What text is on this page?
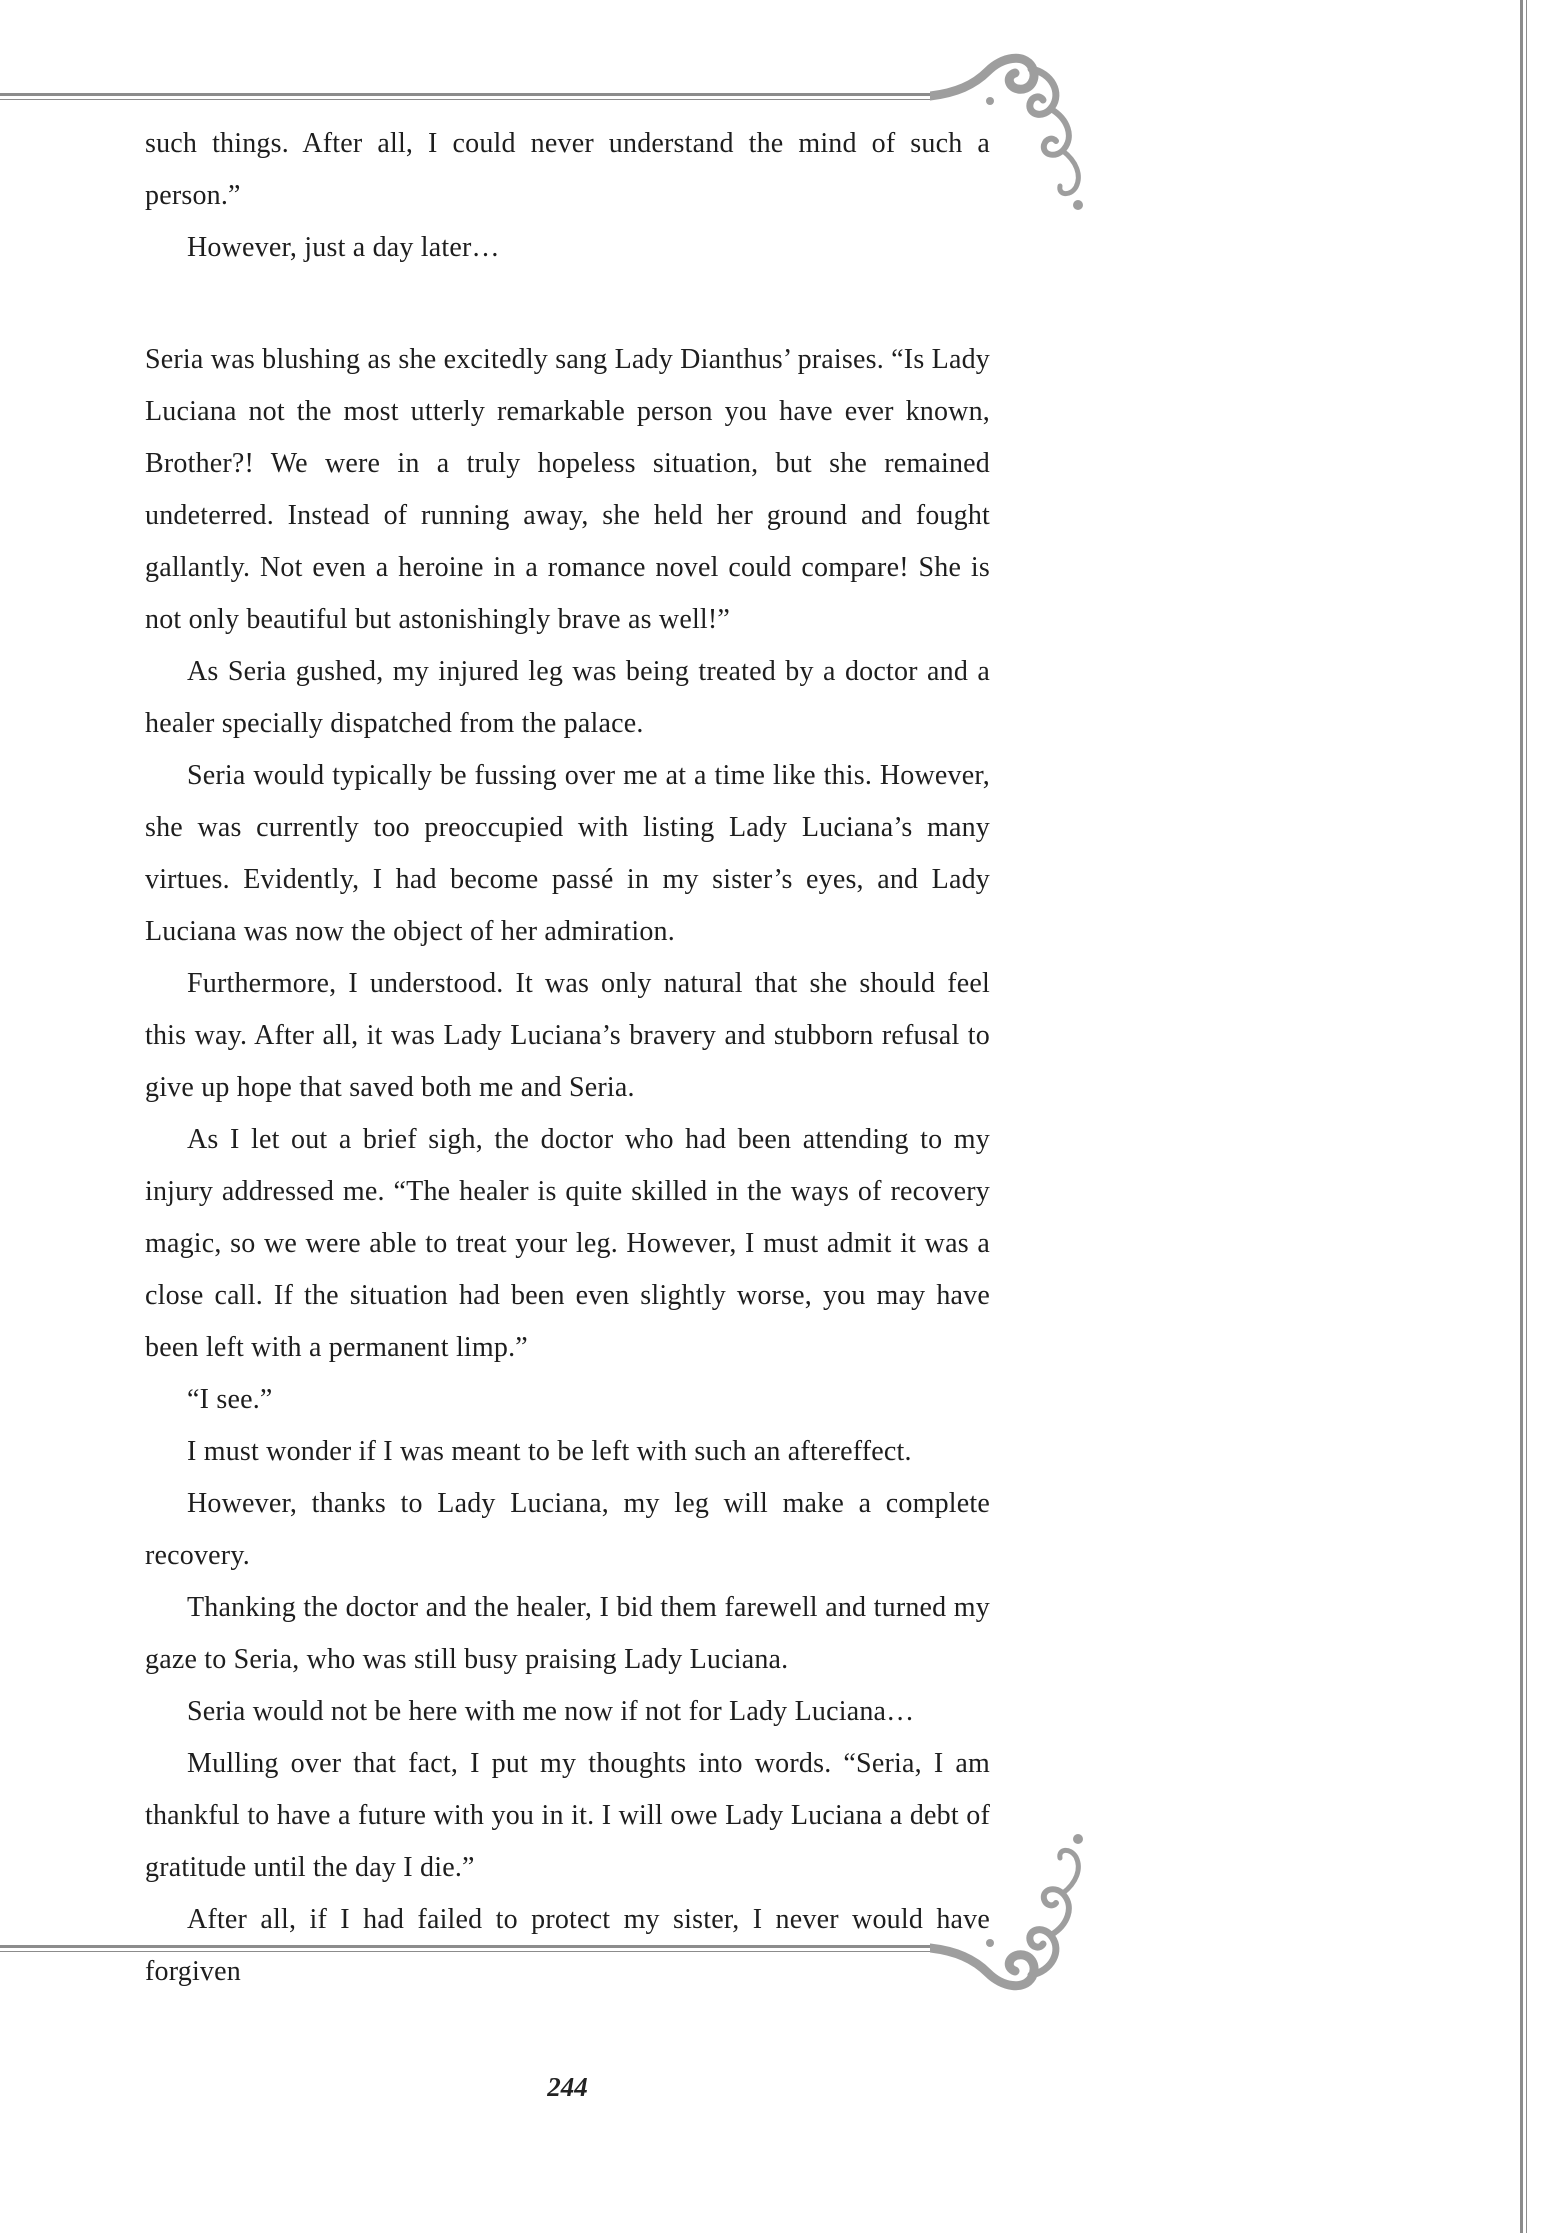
such things. After all, I could never understand the mind of such a person.”

However, just a day later…

Seria was blushing as she excitedly sang Lady Dianthus’ praises. “Is Lady Luciana not the most utterly remarkable person you have ever known, Brother?! We were in a truly hopeless situation, but she remained undeterred. Instead of running away, she held her ground and fought gallantly. Not even a heroine in a romance novel could compare! She is not only beautiful but astonishingly brave as well!”

As Seria gushed, my injured leg was being treated by a doctor and a healer specially dispatched from the palace.

Seria would typically be fussing over me at a time like this. However, she was currently too preoccupied with listing Lady Luciana’s many virtues. Evidently, I had become passé in my sister’s eyes, and Lady Luciana was now the object of her admiration.

Furthermore, I understood. It was only natural that she should feel this way. After all, it was Lady Luciana’s bravery and stubborn refusal to give up hope that saved both me and Seria.

As I let out a brief sigh, the doctor who had been attending to my injury addressed me. “The healer is quite skilled in the ways of recovery magic, so we were able to treat your leg. However, I must admit it was a close call. If the situation had been even slightly worse, you may have been left with a permanent limp.”

“I see.”

I must wonder if I was meant to be left with such an aftereffect.

However, thanks to Lady Luciana, my leg will make a complete recovery.

Thanking the doctor and the healer, I bid them farewell and turned my gaze to Seria, who was still busy praising Lady Luciana.

Seria would not be here with me now if not for Lady Luciana…

Mulling over that fact, I put my thoughts into words. “Seria, I am thankful to have a future with you in it. I will owe Lady Luciana a debt of gratitude until the day I die.”

After all, if I had failed to protect my sister, I never would have forgiven

244
